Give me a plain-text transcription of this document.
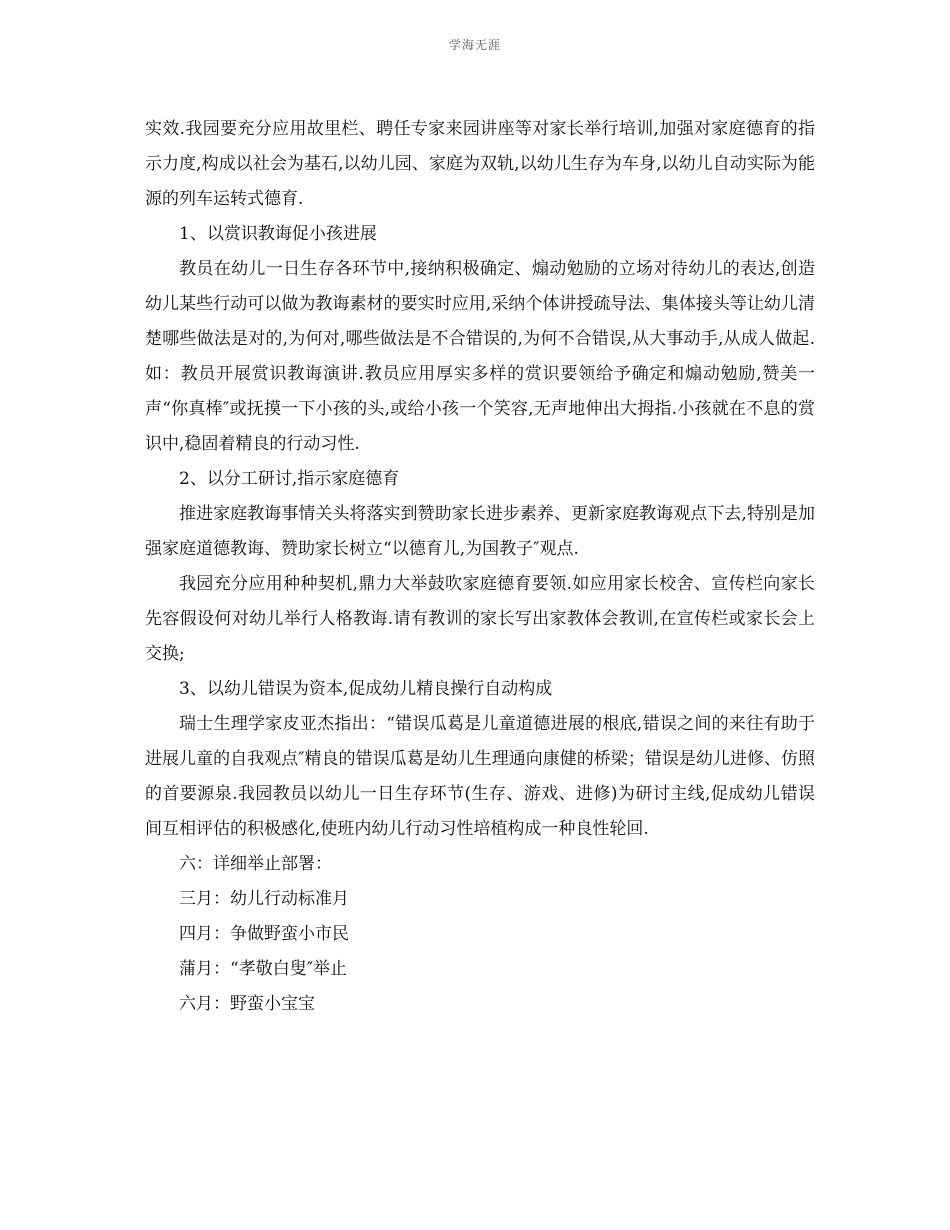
学海无涯

实效.我园要充分应用故里栏、聘任专家来园讲座等对家长举行培训,加强对家庭德育的指示力度,构成以社会为基石,以幼儿园、家庭为双轨,以幼儿生存为车身,以幼儿自动实际为能源的列车运转式德育.

1、以赏识教诲促小孩进展

教员在幼儿一日生存各环节中,接纳积极确定、煽动勉励的立场对待幼儿的表达,创造幼儿某些行动可以做为教诲素材的要实时应用,采纳个体讲授疏导法、集体接头等让幼儿清楚哪些做法是对的,为何对,哪些做法是不合错误的,为何不合错误,从大事动手,从成人做起.如：教员开展赏识教诲演讲.教员应用厚实多样的赏识要领给予确定和煽动勉励,赞美一声“你真棒″或抚摸一下小孩的头,或给小孩一个笑容,无声地伸出大拇指.小孩就在不息的赏识中,稳固着精良的行动习性.

2、以分工研讨,指示家庭德育

推进家庭教诲事情关头将落实到赞助家长进步素养、更新家庭教诲观点下去,特别是加强家庭道德教诲、赞助家长树立“以德育儿,为国教子″观点.

我园充分应用种种契机,鼎力大举鼓吹家庭德育要领.如应用家长校舍、宣传栏向家长先容假设何对幼儿举行人格教诲.请有教训的家长写出家教体会教训,在宣传栏或家长会上交换;

3、以幼儿错误为资本,促成幼儿精良操行自动构成

瑞士生理学家皮亚杰指出：“错误瓜葛是儿童道德进展的根底,错误之间的来往有助于进展儿童的自我观点″精良的错误瓜葛是幼儿生理通向康健的桥梁；错误是幼儿进修、仿照的首要源泉.我园教员以幼儿一日生存环节(生存、游戏、进修)为研讨主线,促成幼儿错误间互相评估的积极感化,使班内幼儿行动习性培植构成一种良性轮回.

六：详细举止部署：

三月：幼儿行动标准月

四月：争做野蛮小市民

蒲月：“孝敬白叟″举止

六月：野蛮小宝宝
